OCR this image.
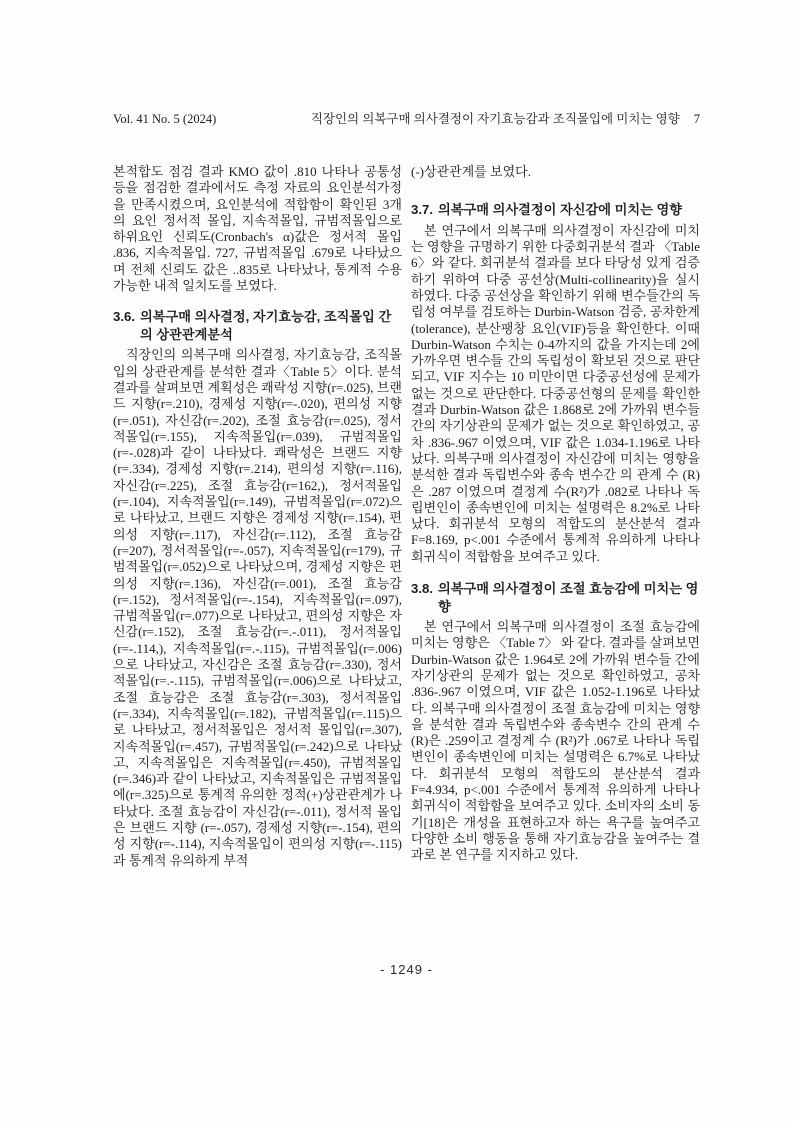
Vol. 41 No. 5 (2024)	직장인의 의복구매 의사결정이 자기효능감과 조직몰입에 미치는 영향 7

본적합도 점검 결과 KMO 값이 .810 나타나 공통성 등을 점검한 결과에서도 측정 자료의 요인분석가정을 만족시켰으며, 요인분석에 적합함이 확인된 3개의 요인 정서적 몰입, 지속적몰입, 규범적몰입으로 하위요인 신뢰도(Cronbach's α)값은 정서적 몰입 .836, 지속적몰입. 727, 규범적몰입 .679로 나타났으며 전체 신뢰도 값은 ..835로 나타났나, 통계적 수용 가능한 내적 일치도를 보였다.

3.6. 의복구매 의사결정, 자기효능감, 조직몰입 간의 상관관계분석

직장인의 의복구매 의사결정, 자기효능감, 조직몰입의 상관관계를 분석한 결과〈Table 5〉이다. 분석 결과를 살펴보면 계획성은 쾌락성 지향(r=.025), 브랜드 지향(r=.210), 경제성 지향(r=-.020), 편의성 지향(r=.051), 자신감(r=.202), 조절 효능감(r=.025), 정서적몰입(r=.155), 지속적몰입(r=.039), 규범적몰입(r=-.028)과 같이 나타났다. 쾌락성은 브랜드 지향(r=.334), 경제성 지향(r=.214), 편의성 지향(r=.116), 자신감(r=.225), 조절 효능감(r=162,), 정서적몰입(r=.104), 지속적몰입(r=.149), 규범적몰입(r=.072)으로 나타났고, 브랜드 지향은 경제성 지향(r=.154), 편의성 지향(r=.117), 자신감(r=.112), 조절 효능감(r=207), 정서적몰입(r=-.057), 지속적몰입(r=179), 규범적몰입(r=.052)으로 나타났으며, 경제성 지향은 편의성 지향(r=.136), 자신감(r=.001), 조절 효능감(r=.152), 정서적몰입(r=-.154), 지속적몰입(r=.097), 규범적몰입(r=.077)으로 나타났고, 편의성 지향은 자신감(r=.152), 조절 효능감(r=.-.011), 정서적몰입(r=-.114,), 지속적몰입(r=.-.115), 규범적몰입(r=.006)으로 나타났고, 자신감은 조절 효능감(r=.330), 정서적몰입(r=.-.115), 규범적몰입(r=.006)으로 나타났고, 조절 효능감은 조절 효능감(r=.303), 정서적몰입(r=.334), 지속적몰입(r=.182), 규범적몰입(r=.115)으로 나타났고, 정서적몰입은 정서적 몰입입(r=.307), 지속적몰입(r=.457), 규범적몰입(r=.242)으로 나타났고, 지속적몰입은 지속적몰입(r=.450), 규범적몰입(r=.346)과 같이 나타났고, 지속적몰입은 규범적몰입에(r=.325)으로 통계적 유의한 정적(+)상관관계가 나타났다. 조절 효능감이 자신감(r=-.011), 정서적 몰입은 브랜드 지향 (r=-.057), 경제성 지향(r=-.154), 편의성 지향(r=-.114), 지속적몰입이 편의성 지향(r=-.115)과 통계적 유의하게 부적

(-)상관관계를 보였다.

3.7. 의복구매 의사결정이 자신감에 미치는 영향

본 연구에서 의복구매 의사결정이 자신감에 미치는 영향을 규명하기 위한 다중회귀분석 결과 〈Table 6〉와 같다. 회귀분석 결과를 보다 타당성 있게 검증하기 위하여 다중 공선상(Multi-collinearity)을 실시하였다. 다중 공선상을 확인하기 위해 변수들간의 독립성 여부를 검토하는 Durbin-Watson 검증, 공차한계(tolerance), 분산팽창 요인(VIF)등을 확인한다. 이때 Durbin-Watson 수치는 0-4까지의 값을 가지는데 2에 가까우면 변수들 간의 독립성이 확보된 것으로 판단되고, VIF 지수는 10 미만이면 다중공선성에 문제가 없는 것으로 판단한다. 다중공선형의 문제를 확인한 결과 Durbin-Watson 값은 1.868로 2에 가까워 변수들 간의 자기상관의 문제가 없는 것으로 확인하였고, 공차 .836-.967 이였으며, VIF 값은 1.034-1.196로 나타났다. 의복구매 의사결정이 자신감에 미치는 영향을 분석한 결과 독립변수와 종속 변수간 의 관계 수 (R)은 .287 이였으며 결정계 수(R²)가 .082로 나타나 독립변인이 종속변인에 미치는 설명력은 8.2%로 나타났다. 회귀분석 모형의 적합도의 분산분석 결과 F=8.169, p<.001 수준에서 통계적 유의하게 나타나 회귀식이 적합함을 보여주고 있다.

3.8. 의복구매 의사결정이 조절 효능감에 미치는 영향

본 연구에서 의복구매 의사결정이 조절 효능감에 미치는 영향은 〈Table 7〉 와 같다. 결과를 살펴보면 Durbin-Watson 값은 1.964로 2에 가까워 변수들 간에 자기상관의 문제가 없는 것으로 확인하였고, 공차 .836-.967 이였으며, VIF 값은 1.052-1.196로 나타났다. 의복구매 의사결정이 조절 효능감에 미치는 영향을 분석한 결과 독립변수와 종속변수 간의 관계 수(R)은 .259이고 결정계 수 (R²)가 .067로 나타나 독립변인이 종속변인에 미치는 설명력은 6.7%로 나타났다. 회귀분석 모형의 적합도의 분산분석 결과 F=4.934, p<.001 수준에서 통계적 유의하게 나타나 회귀식이 적합함을 보여주고 있다. 소비자의 소비 동기[18]은 개성을 표현하고자 하는 욕구를 높여주고 다양한 소비 행동을 통해 자기효능감을 높여주는 결과로 본 연구를 지지하고 있다.

- 1249 -
